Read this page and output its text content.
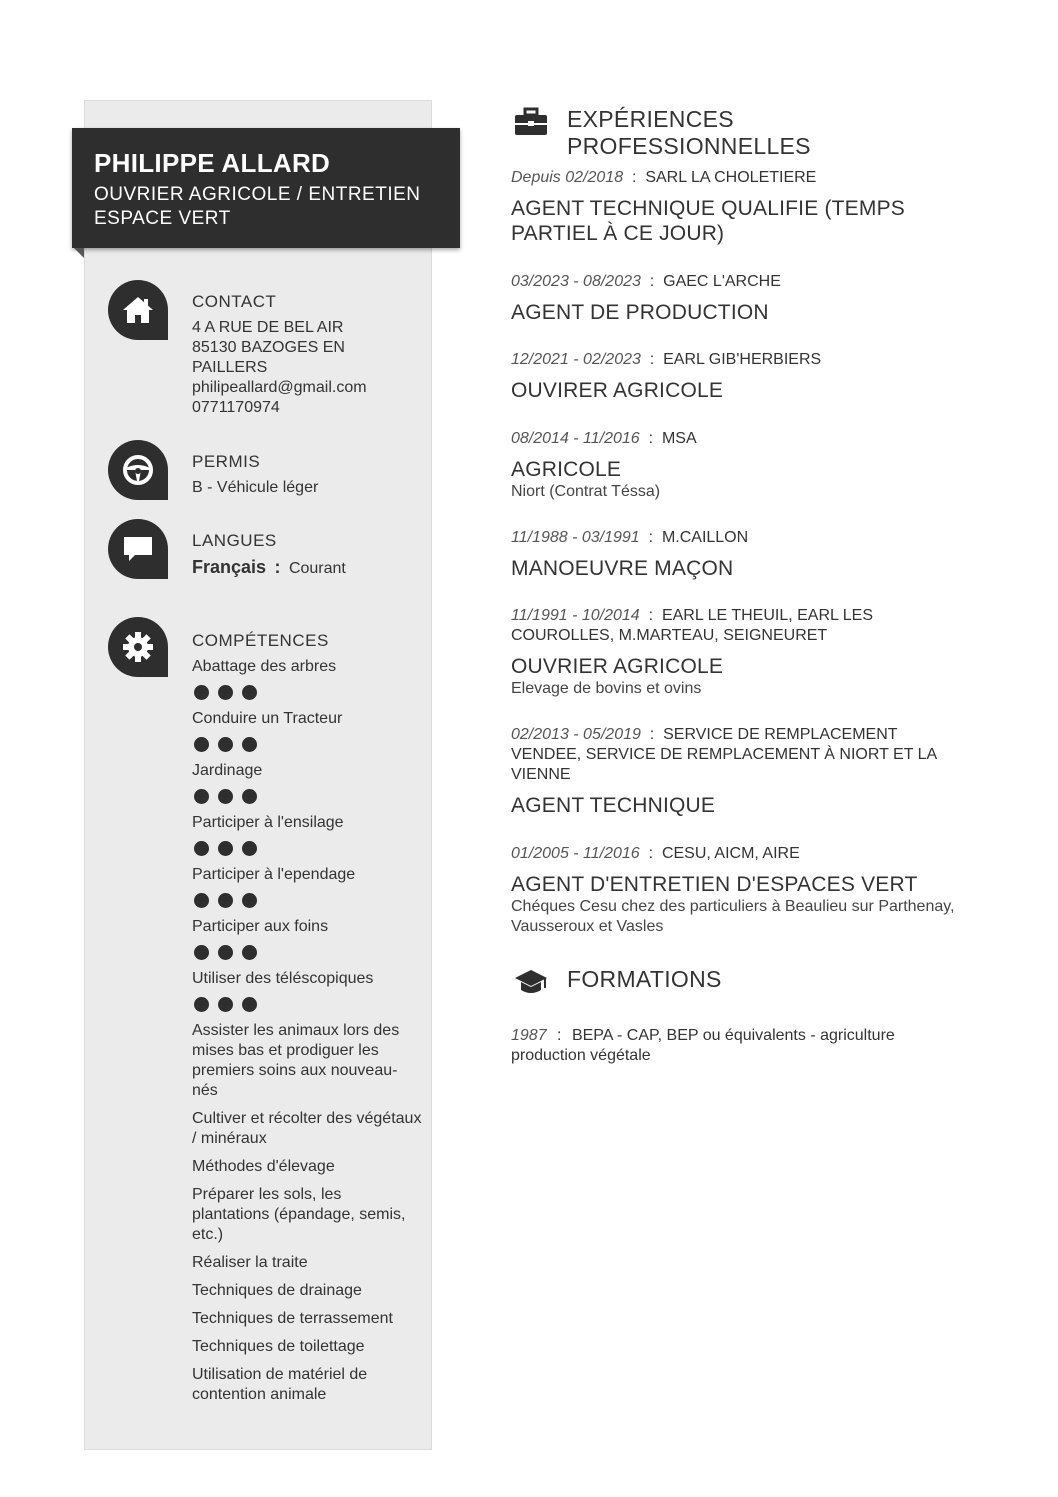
PHILIPPE ALLARD
OUVRIER AGRICOLE / ENTRETIEN
ESPACE VERT
CONTACT
4 A RUE DE BEL AIR
85130 BAZOGES EN
PAILLERS
philipeallard@gmail.com
0771170974
PERMIS
B - Véhicule léger
LANGUES
Français : Courant
COMPÉTENCES
Abattage des arbres
Conduire un Tracteur
Jardinage
Participer à l'ensilage
Participer à l'ependage
Participer aux foins
Utiliser des téléscopiques
Assister les animaux lors des mises bas et prodiguer les premiers soins aux nouveau-nés
Cultiver et récolter des végétaux / minéraux
Méthodes d'élevage
Préparer les sols, les plantations (épandage, semis, etc.)
Réaliser la traite
Techniques de drainage
Techniques de terrassement
Techniques de toilettage
Utilisation de matériel de contention animale
EXPÉRIENCES PROFESSIONNELLES
Depuis 02/2018  :  SARL LA CHOLETIERE
AGENT TECHNIQUE QUALIFIE (TEMPS PARTIEL À CE JOUR)
03/2023 - 08/2023  :  GAEC L'ARCHE
AGENT DE PRODUCTION
12/2021 - 02/2023  :  EARL GIB'HERBIERS
OUVIRER AGRICOLE
08/2014 - 11/2016  :  MSA
AGRICOLE
Niort (Contrat Téssa)
11/1988 - 03/1991  :  M.CAILLON
MANOEUVRE MAÇON
11/1991 - 10/2014  :  EARL LE THEUIL, EARL LES COUROLLES, M.MARTEAU, SEIGNEURET
OUVRIER AGRICOLE
Elevage de bovins et ovins
02/2013 - 05/2019  :  SERVICE DE REMPLACEMENT VENDEE, SERVICE DE REMPLACEMENT À NIORT ET LA VIENNE
AGENT TECHNIQUE
01/2005 - 11/2016  :  CESU, AICM, AIRE
AGENT D'ENTRETIEN D'ESPACES VERT
Chéques Cesu chez des particuliers à Beaulieu sur Parthenay, Vausseroux et Vasles
FORMATIONS
1987 : BEPA - CAP, BEP ou équivalents - agriculture production végétale
